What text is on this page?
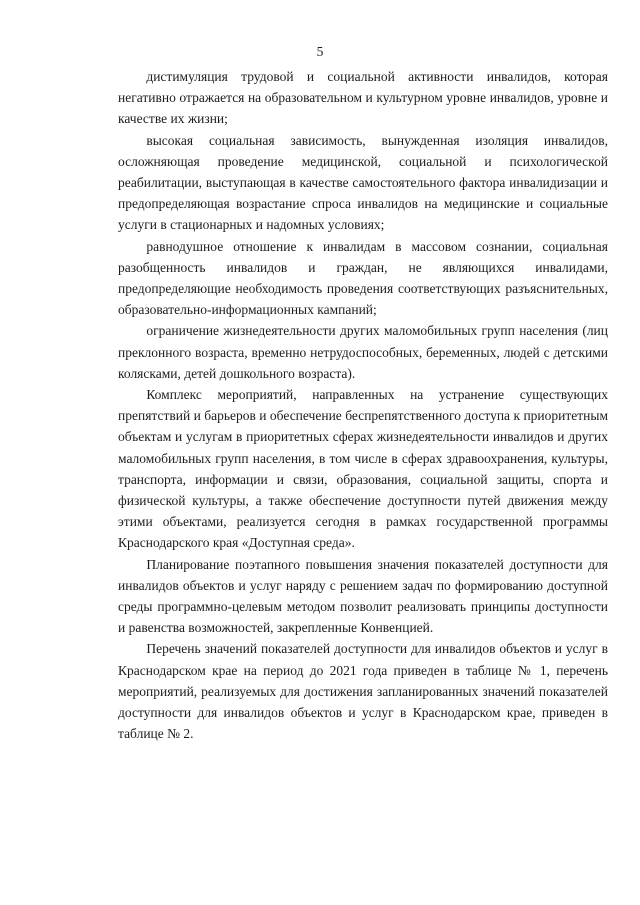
5

дистимуляция трудовой и социальной активности инвалидов, которая негативно отражается на образовательном и культурном уровне инвалидов, уровне и качестве их жизни;

высокая социальная зависимость, вынужденная изоляция инвалидов, осложняющая проведение медицинской, социальной и психологической реабилитации, выступающая в качестве самостоятельного фактора инвалидизации и предопределяющая возрастание спроса инвалидов на медицинские и социальные услуги в стационарных и надомных условиях;

равнодушное отношение к инвалидам в массовом сознании, социальная разобщенность инвалидов и граждан, не являющихся инвалидами, предопределяющие необходимость проведения соответствующих разъяснительных, образовательно-информационных кампаний;

ограничение жизнедеятельности других маломобильных групп населения (лиц преклонного возраста, временно нетрудоспособных, беременных, людей с детскими колясками, детей дошкольного возраста).

Комплекс мероприятий, направленных на устранение существующих препятствий и барьеров и обеспечение беспрепятственного доступа к приоритетным объектам и услугам в приоритетных сферах жизнедеятельности инвалидов и других маломобильных групп населения, в том числе в сферах здравоохранения, культуры, транспорта, информации и связи, образования, социальной защиты, спорта и физической культуры, а также обеспечение доступности путей движения между этими объектами, реализуется сегодня в рамках государственной программы Краснодарского края «Доступная среда».

Планирование поэтапного повышения значения показателей доступности для инвалидов объектов и услуг наряду с решением задач по формированию доступной среды программно-целевым методом позволит реализовать принципы доступности и равенства возможностей, закрепленные Конвенцией.

Перечень значений показателей доступности для инвалидов объектов и услуг в Краснодарском крае на период до 2021 года приведен в таблице № 1, перечень мероприятий, реализуемых для достижения запланированных значений показателей доступности для инвалидов объектов и услуг в Краснодарском крае, приведен в таблице № 2.
